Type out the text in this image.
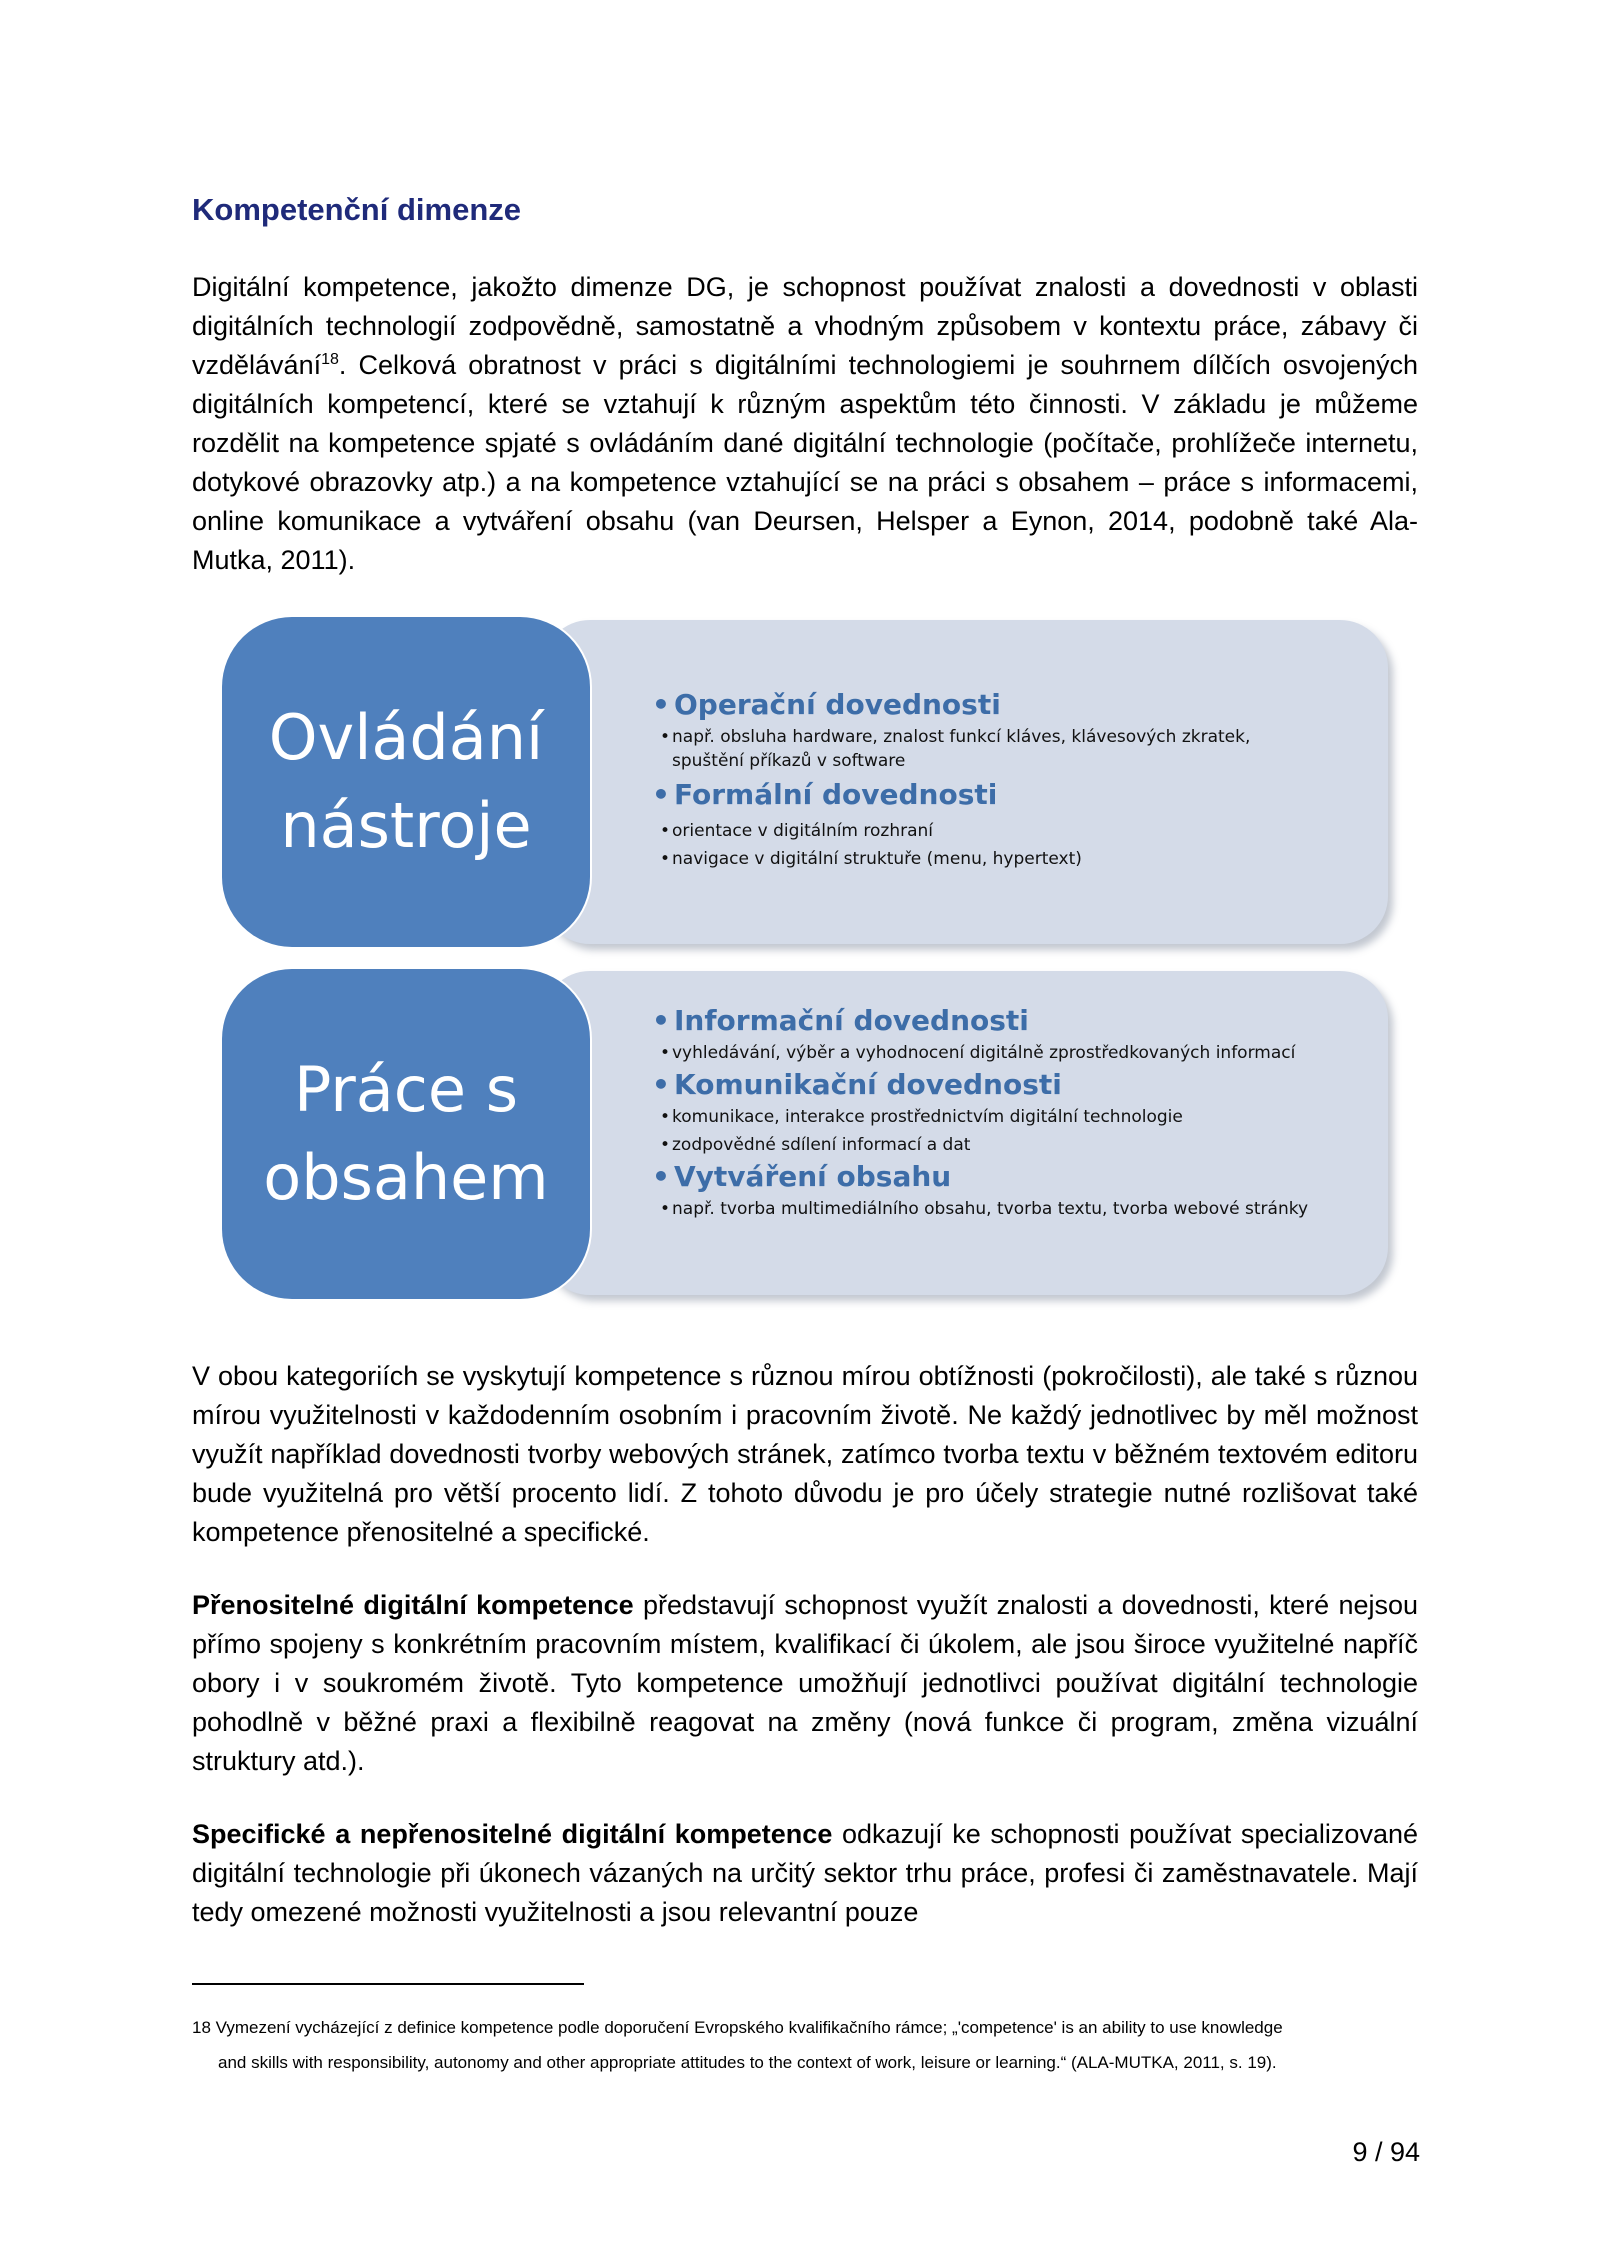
Kompetenční dimenze

Digitální kompetence, jakožto dimenze DG, je schopnost používat znalosti a dovednosti v oblasti digitálních technologií zodpovědně, samostatně a vhodným způsobem v kontextu práce, zábavy či vzdělávání$^{18}$. Celková obratnost v práci s digitálními technologiemi je souhrnem dílčích osvojených digitálních kompetencí, které se vztahují k různým aspektům této činnosti. V základu je můžeme rozdělit na kompetence spjaté s ovládáním dané digitální technologie (počítače, prohlížeče internetu, dotykové obrazovky atp.) a na kompetence vztahující se na práci s obsahem – práce s informacemi, online komunikace a vytváření obsahu (van Deursen, Helsper a Eynon, 2014, podobně také Ala-Mutka, 2011).

Ovládání
nástroje
• Operační dovednosti
• např. obsluha hardware, znalost funkcí kláves, klávesových zkratek, spuštění příkazů v software
• Formální dovednosti
• orientace v digitálním rozhraní
• navigace v digitální struktuře (menu, hypertext)
Práce s
obsahem
• Informační dovednosti
• vyhledávání, výběr a vyhodnocení digitálně zprostředkovaných informací
• Komunikační dovednosti
• komunikace, interakce prostřednictvím digitální technologie
• zodpovědné sdílení informací a dat
• Vytváření obsahu
• např. tvorba multimediálního obsahu, tvorba textu, tvorba webové stránky

V obou kategoriích se vyskytují kompetence s různou mírou obtížnosti (pokročilosti), ale také s různou mírou využitelnosti v každodenním osobním i pracovním životě. Ne každý jednotlivec by měl možnost využít například dovednosti tvorby webových stránek, zatímco tvorba textu v běžném textovém editoru bude využitelná pro větší procento lidí. Z tohoto důvodu je pro účely strategie nutné rozlišovat také kompetence přenositelné a specifické.

Přenositelné digitální kompetence představují schopnost využít znalosti a dovednosti, které nejsou přímo spojeny s konkrétním pracovním místem, kvalifikací či úkolem, ale jsou široce využitelné napříč obory i v soukromém životě. Tyto kompetence umožňují jednotlivci používat digitální technologie pohodlně v běžné praxi a flexibilně reagovat na změny (nová funkce či program, změna vizuální struktury atd.).

Specifické a nepřenositelné digitální kompetence odkazují ke schopnosti používat specializované digitální technologie při úkonech vázaných na určitý sektor trhu práce, profesi či zaměstnavatele. Mají tedy omezené možnosti využitelnosti a jsou relevantní pouze

18 Vymezení vycházející z definice kompetence podle doporučení Evropského kvalifikačního rámce; „'competence' is an ability to use knowledge
and skills with responsibility, autonomy and other appropriate attitudes to the context of work, leisure or learning.“ (ALA-MUTKA, 2011, s. 19).

9 / 94
